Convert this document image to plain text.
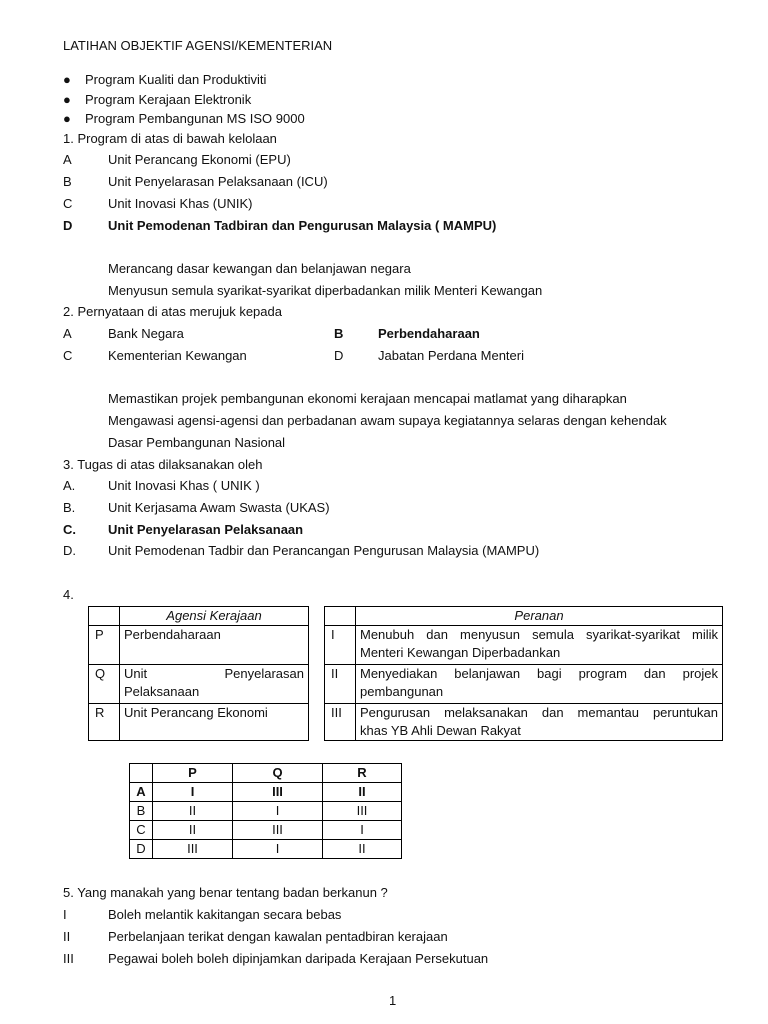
LATIHAN OBJEKTIF AGENSI/KEMENTERIAN
● Program Kualiti dan Produktiviti
● Program Kerajaan Elektronik
● Program Pembangunan MS ISO 9000
1. Program di atas di bawah kelolaan
A	Unit Perancang Ekonomi (EPU)
B	Unit Penyelarasan Pelaksanaan (ICU)
C	Unit Inovasi Khas (UNIK)
D	Unit Pemodenan Tadbiran dan Pengurusan Malaysia ( MAMPU)
Merancang dasar kewangan dan belanjawan negara
Menyusun semula syarikat-syarikat diperbadankan milik Menteri Kewangan
2. Pernyataan di atas merujuk kepada
A	Bank Negara	B	Perbendaharaan
C	Kementerian Kewangan	D	Jabatan Perdana Menteri
Memastikan projek pembangunan ekonomi kerajaan mencapai matlamat yang diharapkan
Mengawasi agensi-agensi dan perbadanan awam supaya kegiatannya selaras dengan kehendak
Dasar Pembangunan Nasional
3. Tugas di atas dilaksanakan oleh
A.	Unit Inovasi Khas ( UNIK )
B.	Unit Kerjasama Awam Swasta (UKAS)
C. Unit Penyelarasan Pelaksanaan
D. Unit Pemodenan Tadbir dan Perancangan Pengurusan Malaysia (MAMPU)
4.
	Agensi Kerajaan
P	Perbendaharaan

Q	Unit Penyelarasan
Pelaksanaan

R	Unit Perancang Ekonomi
	Peranan
I	Menubuh dan menyusun semula syarikat-syarikat milik
Menteri Kewangan Diperbadankan

II	Menyediakan belanjawan bagi program dan projek
pembangunan

III	Pengurusan melaksanakan dan memantau peruntukan
khas YB Ahli Dewan Rakyat
	P	Q	R
A	I	III	II
B	II	I	III
C	II	III	I
D	III	I	II
5. Yang manakah yang benar tentang badan berkanun ?
I	Boleh melantik kakitangan secara bebas
II	Perbelanjaan terikat dengan kawalan pentadbiran kerajaan
III	Pegawai boleh boleh dipinjamkan daripada Kerajaan Persekutuan
1
